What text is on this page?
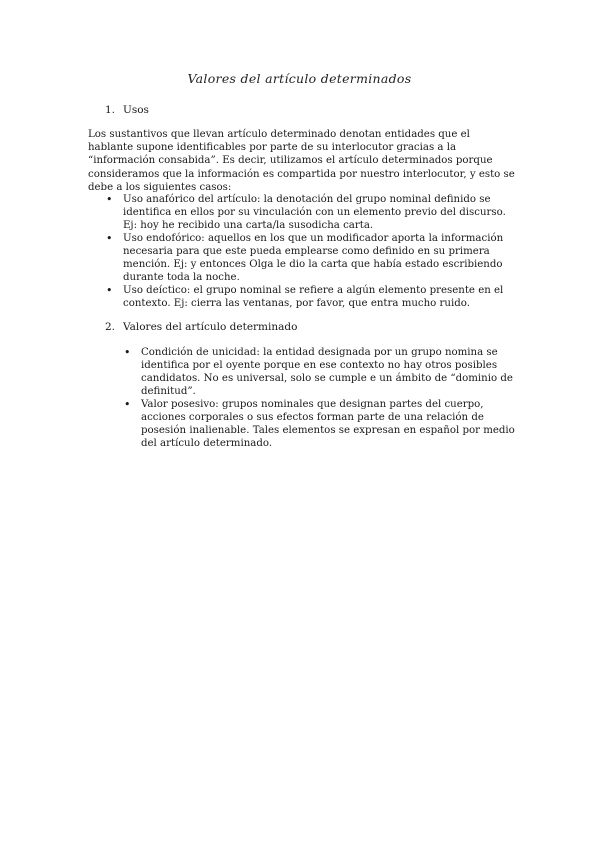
Valores del artículo determinados
1. Usos

Los sustantivos que llevan artículo determinado denotan entidades que el hablante supone identificables por parte de su interlocutor gracias a la “información consabida”. Es decir, utilizamos el artículo determinados porque consideramos que la información es compartida por nuestro interlocutor, y esto se debe a los siguientes casos:

• Uso anafórico del artículo: la denotación del grupo nominal definido se identifica en ellos por su vinculación con un elemento previo del discurso. Ej: hoy he recibido una carta/la susodicha carta.
• Uso endofórico: aquellos en los que un modificador aporta la información necesaria para que este pueda emplearse como definido en su primera mención. Ej: y entonces Olga le dio la carta que había estado escribiendo durante toda la noche.
• Uso deíctico: el grupo nominal se refiere a algún elemento presente en el contexto. Ej: cierra las ventanas, por favor, que entra mucho ruido.
2. Valores del artículo determinado
• Condición de unicidad: la entidad designada por un grupo nomina se identifica por el oyente porque en ese contexto no hay otros posibles candidatos. No es universal, solo se cumple e un ámbito de “dominio de definitud”.
• Valor posesivo: grupos nominales que designan partes del cuerpo, acciones corporales o sus efectos forman parte de una relación de posesión inalienable. Tales elementos se expresan en español por medio del artículo determinado.
